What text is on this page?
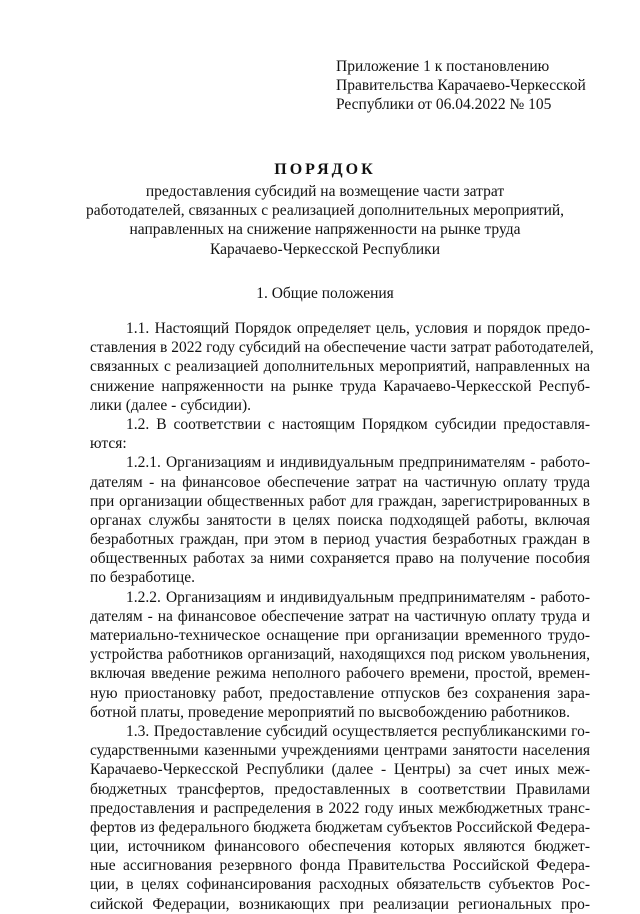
Приложение 1 к постановлению
Правительства Карачаево-Черкесской
Республики от 06.04.2022 № 105
ПОРЯДОК
предоставления субсидий на возмещение части затрат
работодателей, связанных с реализацией дополнительных мероприятий,
направленных на снижение напряженности на рынке труда
Карачаево-Черкесской Республики
1. Общие положения
1.1. Настоящий Порядок определяет цель, условия и порядок предо-
ставления в 2022 году субсидий на обеспечение части затрат работодателей,
связанных с реализацией дополнительных мероприятий, направленных на
снижение напряженности на рынке труда Карачаево-Черкесской Респуб-
лики (далее - субсидии).
1.2. В соответствии с настоящим Порядком субсидии предоставля-
ются:
1.2.1. Организациям и индивидуальным предпринимателям - работо-
дателям - на финансовое обеспечение затрат на частичную оплату труда
при организации общественных работ для граждан, зарегистрированных в
органах службы занятости в целях поиска подходящей работы, включая
безработных граждан, при этом в период участия безработных граждан в
общественных работах за ними сохраняется право на получение пособия
по безработице.
1.2.2. Организациям и индивидуальным предпринимателям - работо-
дателям - на финансовое обеспечение затрат на частичную оплату труда и
материально-техническое оснащение при организации временного трудо-
устройства работников организаций, находящихся под риском увольнения,
включая введение режима неполного рабочего времени, простой, времен-
ную приостановку работ, предоставление отпусков без сохранения зара-
ботной платы, проведение мероприятий по высвобождению работников.
1.3. Предоставление субсидий осуществляется республиканскими го-
сударственными казенными учреждениями центрами занятости населения
Карачаево-Черкесской Республики (далее - Центры) за счет иных меж-
бюджетных трансфертов, предоставленных в соответствии Правилами
предоставления и распределения в 2022 году иных межбюджетных транс-
фертов из федерального бюджета бюджетам субъектов Российской Федера-
ции, источником финансового обеспечения которых являются бюджет-
ные ассигнования резервного фонда Правительства Российской Федера-
ции, в целях софинансирования расходных обязательств субъектов Рос-
сийской Федерации, возникающих при реализации региональных про-
